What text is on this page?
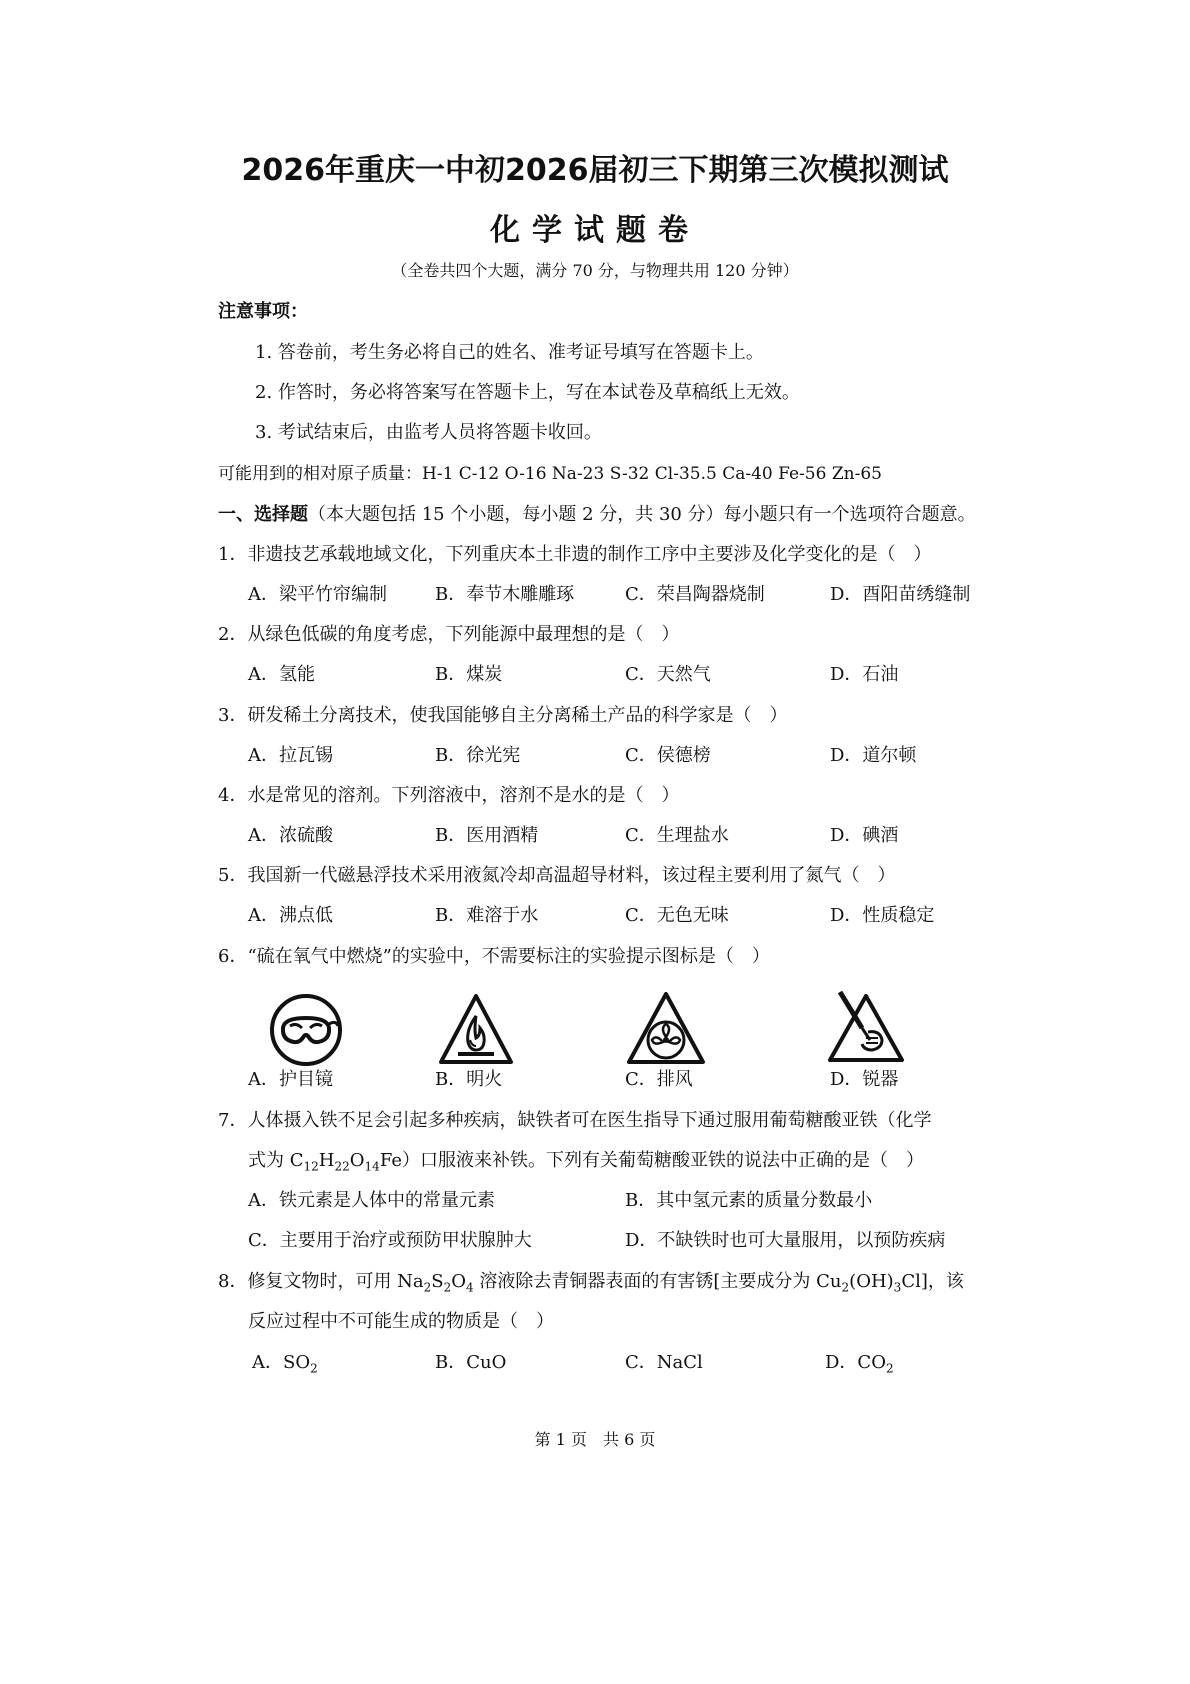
2026年重庆一中初2026届初三下期第三次模拟测试
化学试题卷
（全卷共四个大题，满分 70 分，与物理共用 120 分钟）
注意事项：
1. 答卷前，考生务必将自己的姓名、准考证号填写在答题卡上。
2. 作答时，务必将答案写在答题卡上，写在本试卷及草稿纸上无效。
3. 考试结束后，由监考人员将答题卡收回。
可能用到的相对原子质量：H-1 C-12 O-16 Na-23 S-32 Cl-35.5 Ca-40 Fe-56 Zn-65
一、选择题（本大题包括 15 个小题，每小题 2 分，共 30 分）每小题只有一个选项符合题意。
1．非遗技艺承载地域文化，下列重庆本土非遗的制作工序中主要涉及化学变化的是（　）
A．梁平竹帘编制	B．奉节木雕雕琢	C．荣昌陶器烧制	D．酉阳苗绣缝制
2．从绿色低碳的角度考虑，下列能源中最理想的是（　）
A．氢能	B．煤炭	C．天然气	D．石油
3．研发稀土分离技术，使我国能够自主分离稀土产品的科学家是（　）
A．拉瓦锡	B．徐光宪	C．侯德榜	D．道尔顿
4．水是常见的溶剂。下列溶液中，溶剂不是水的是（　）
A．浓硫酸	B．医用酒精	C．生理盐水	D．碘酒
5．我国新一代磁悬浮技术采用液氮冷却高温超导材料，该过程主要利用了氮气（　）
A．沸点低	B．难溶于水	C．无色无味	D．性质稳定
6．“硫在氧气中燃烧”的实验中，不需要标注的实验提示图标是（　）
A．护目镜	B．明火	C．排风	D．锐器
7．人体摄入铁不足会引起多种疾病，缺铁者可在医生指导下通过服用葡萄糖酸亚铁（化学
式为 $C_{12}H_{22}O_{14}Fe$）口服液来补铁。下列有关葡萄糖酸亚铁的说法中正确的是（　）
A．铁元素是人体中的常量元素	B．其中氢元素的质量分数最小
C．主要用于治疗或预防甲状腺肿大	D．不缺铁时也可大量服用，以预防疾病
8．修复文物时，可用 $Na_2S_2O_4$ 溶液除去青铜器表面的有害锈[主要成分为 $Cu_2(OH)_3Cl$]，该
反应过程中不可能生成的物质是（　）
A．$SO_2$	B．CuO	C．NaCl	D．$CO_2$
第 1 页　共 6 页
